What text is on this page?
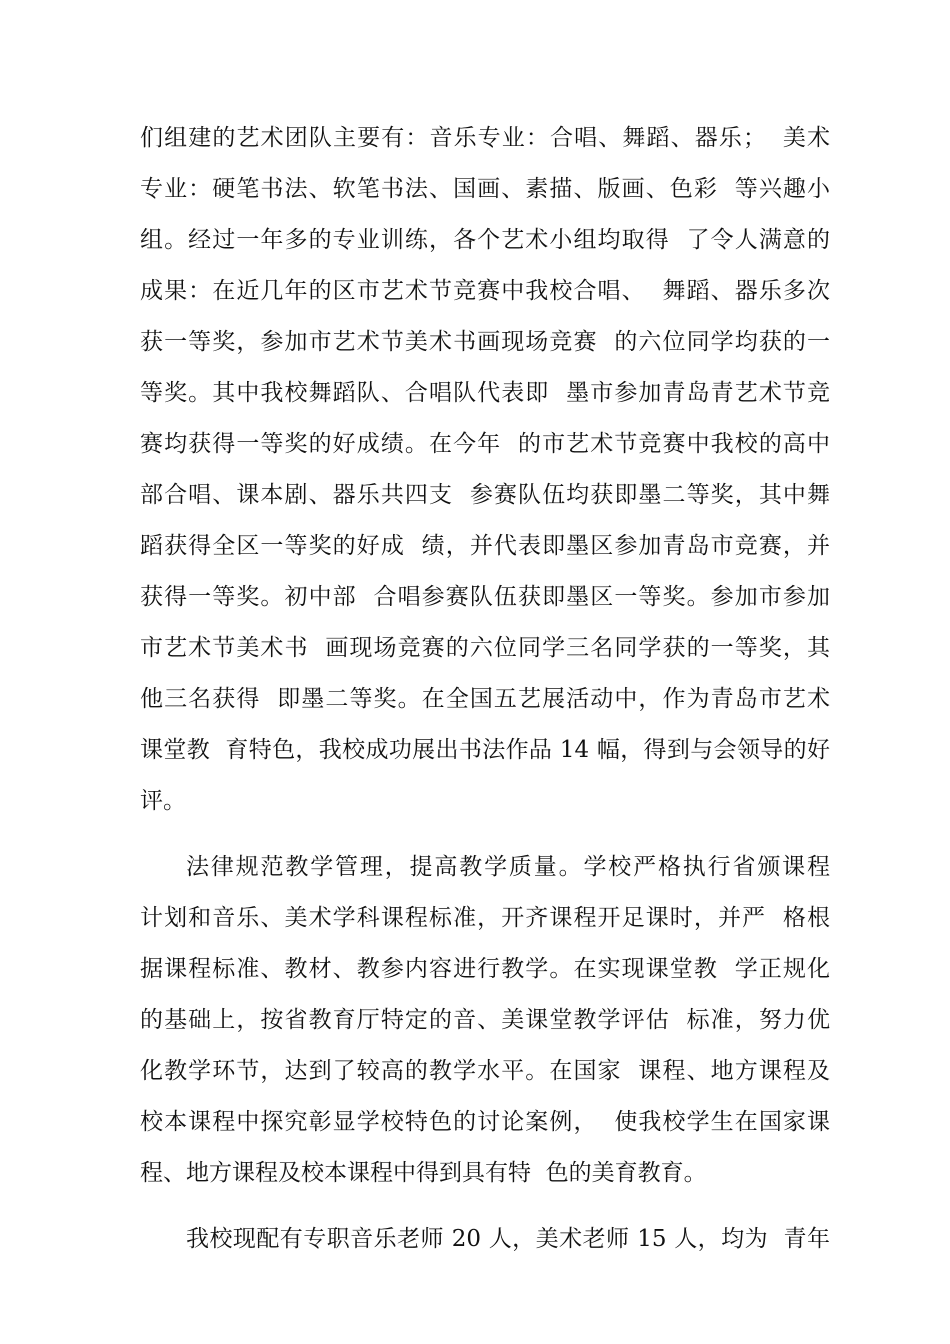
们组建的艺术团队主要有：音乐专业：合唱、舞蹈、器乐；  美术
专业：硬笔书法、软笔书法、国画、素描、版画、色彩  等兴趣小
组。经过一年多的专业训练，各个艺术小组均取得  了令人满意的
成果：在近几年的区市艺术节竞赛中我校合唱、  舞蹈、器乐多次
获一等奖，参加市艺术节美术书画现场竞赛  的六位同学均获的一
等奖。其中我校舞蹈队、合唱队代表即  墨市参加青岛青艺术节竞
赛均获得一等奖的好成绩。在今年  的市艺术节竞赛中我校的高中
部合唱、课本剧、器乐共四支  参赛队伍均获即墨二等奖，其中舞
蹈获得全区一等奖的好成  绩，并代表即墨区参加青岛市竞赛，并
获得一等奖。初中部  合唱参赛队伍获即墨区一等奖。参加市参加
市艺术节美术书  画现场竞赛的六位同学三名同学获的一等奖，其
他三名获得  即墨二等奖。在全国五艺展活动中，作为青岛市艺术
课堂教  育特色，我校成功展出书法作品 14 幅，得到与会领导的好
评。
法律规范教学管理，提高教学质量。学校严格执行省颁课程
计划和音乐、美术学科课程标准，开齐课程开足课时，并严  格根
据课程标准、教材、教参内容进行教学。在实现课堂教  学正规化
的基础上，按省教育厅特定的音、美课堂教学评估  标准，努力优
化教学环节，达到了较高的教学水平。在国家  课程、地方课程及
校本课程中探究彰显学校特色的讨论案例，  使我校学生在国家课
程、地方课程及校本课程中得到具有特  色的美育教育。
我校现配有专职音乐老师 20 人，美术老师 15 人，均为  青年
